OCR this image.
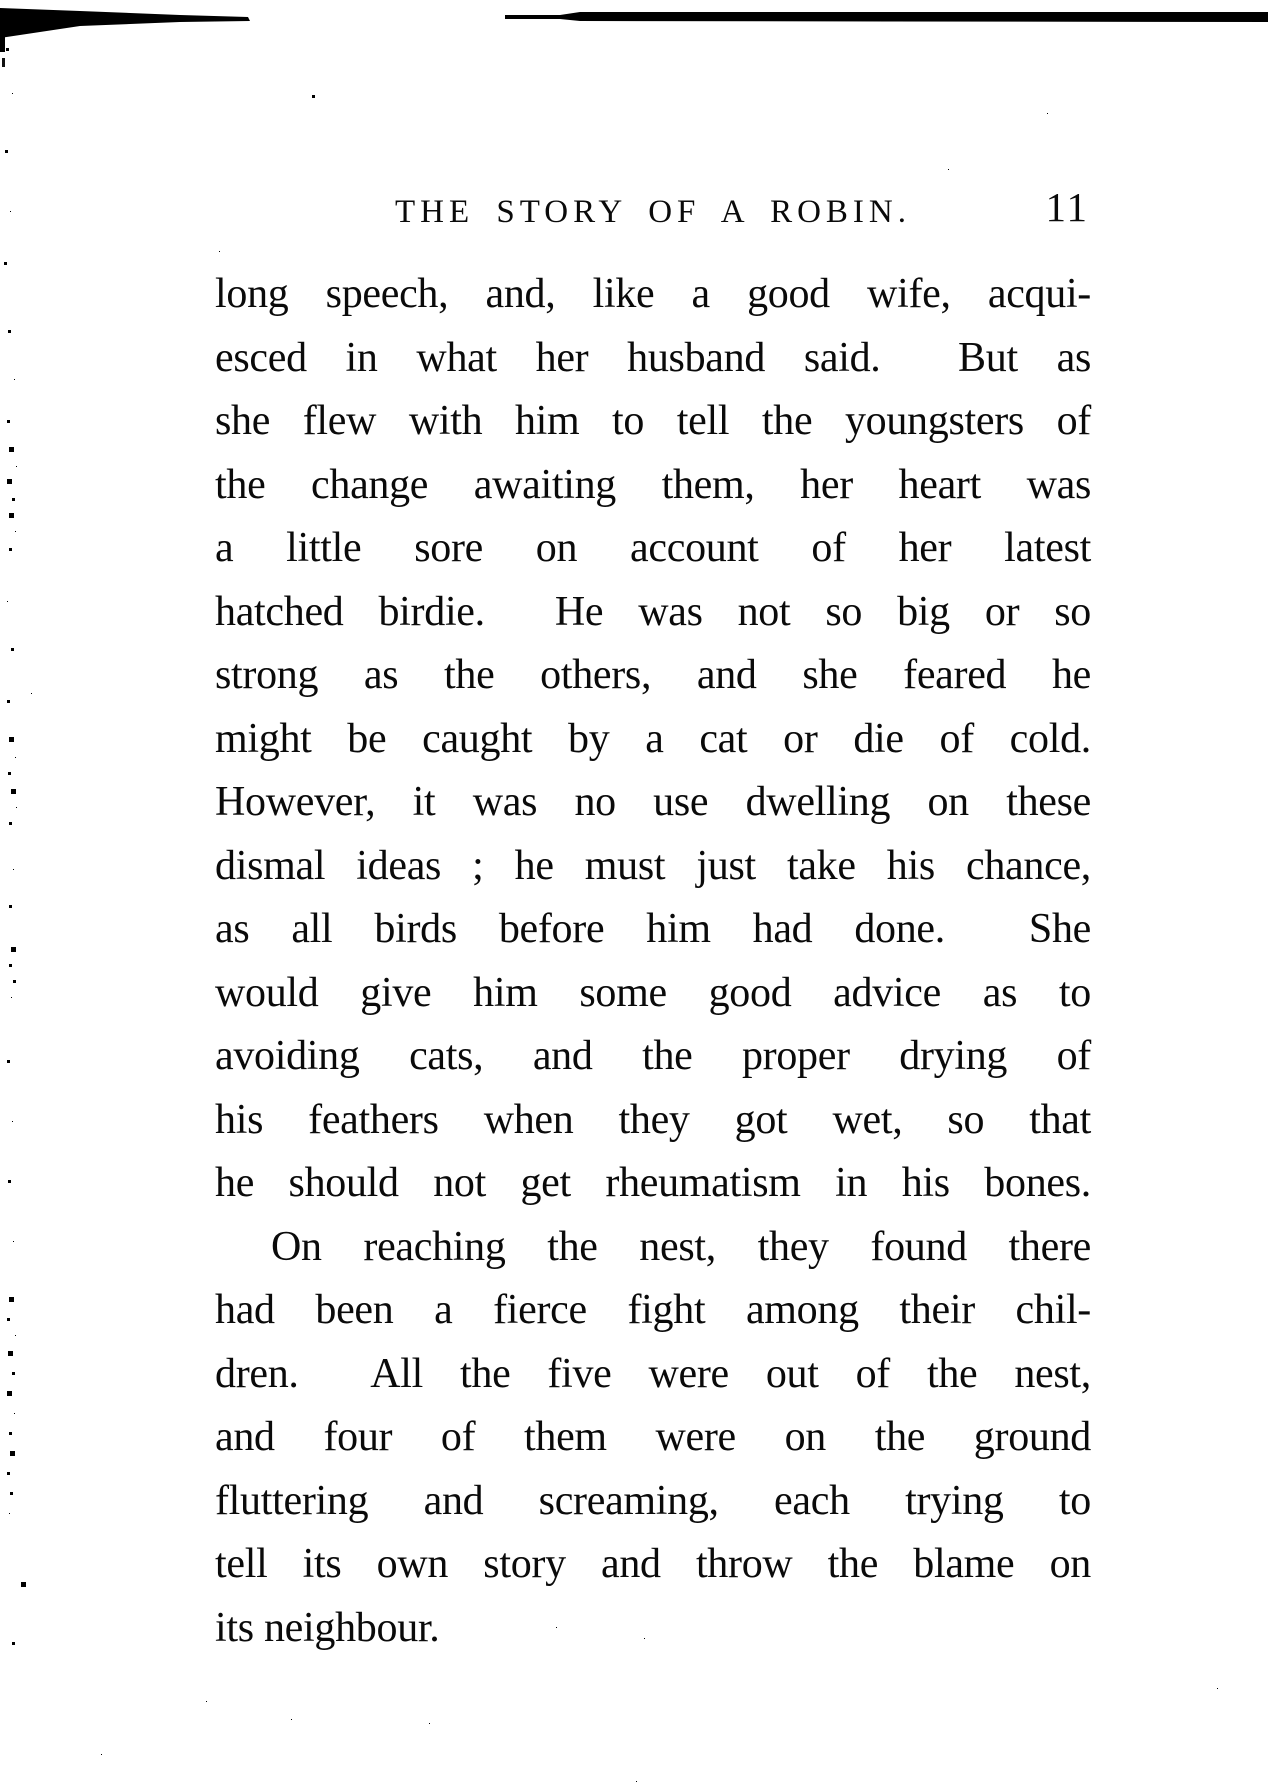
THE STORY OF A ROBIN.	11
long speech, and, like a good wife, acqui-
esced in what her husband said.  But as
she flew with him to tell the youngsters of
the change awaiting them, her heart was
a little sore on account of her latest
hatched birdie.  He was not so big or so
strong as the others, and she feared he
might be caught by a cat or die of cold.
However, it was no use dwelling on these
dismal ideas ; he must just take his chance,
as all birds before him had done.  She
would give him some good advice as to
avoiding cats, and the proper drying of
his feathers when they got wet, so that
he should not get rheumatism in his bones.
On reaching the nest, they found there
had been a fierce fight among their chil-
dren.  All the five were out of the nest,
and four of them were on the ground
fluttering and screaming, each trying to
tell its own story and throw the blame on
its neighbour.
